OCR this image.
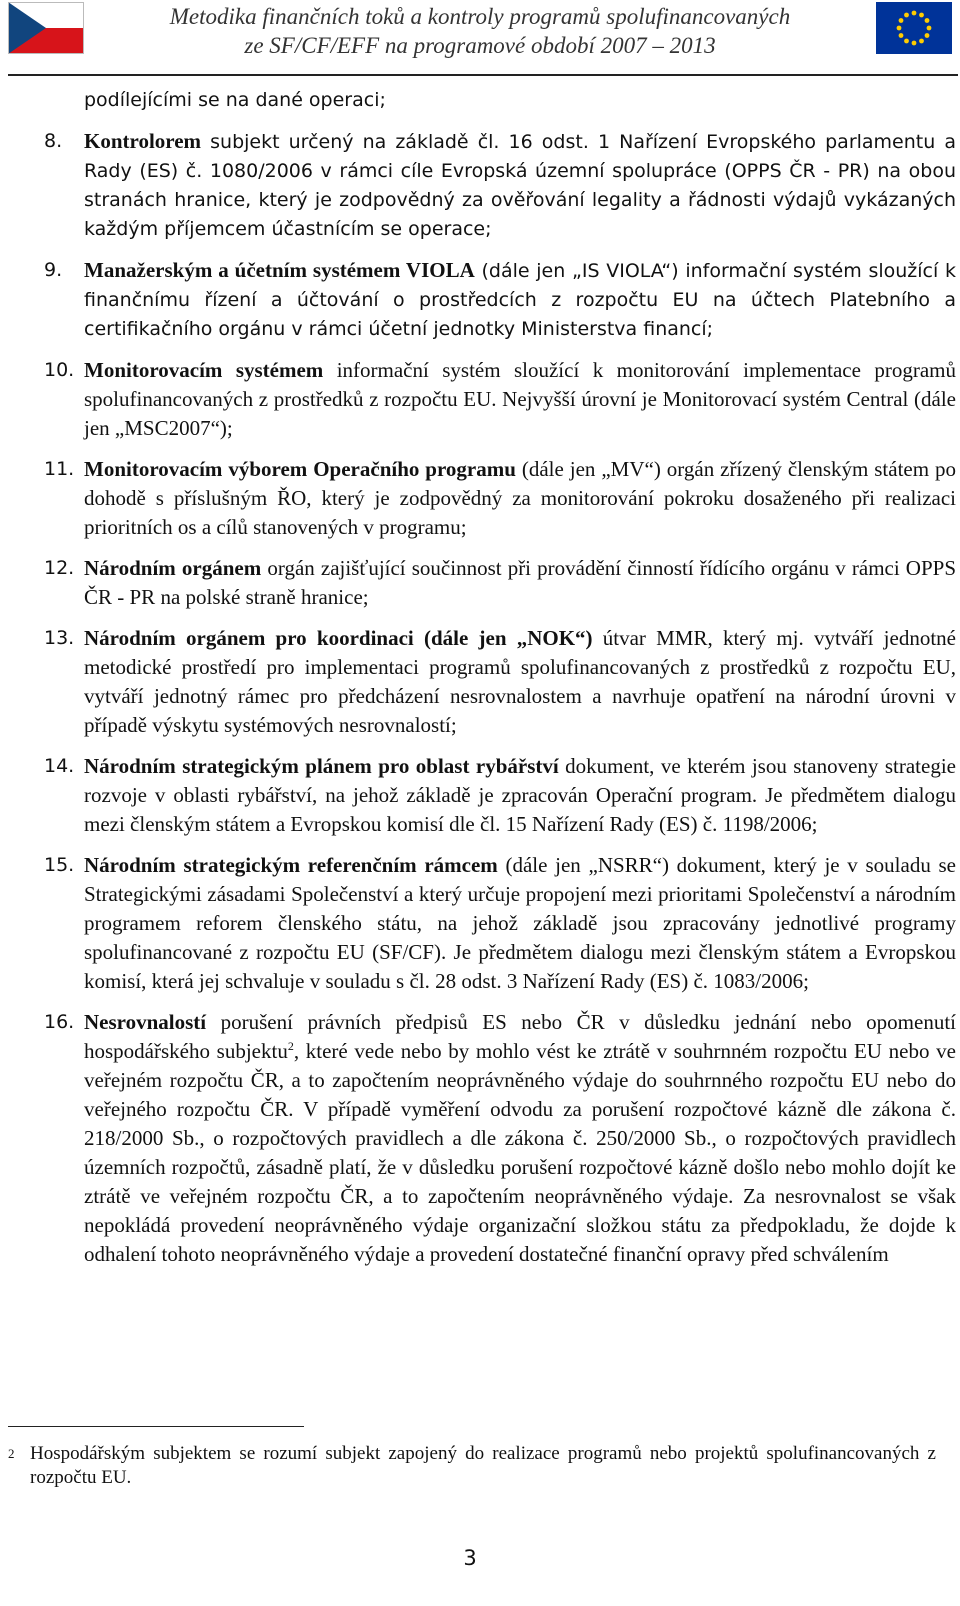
Metodika finančních toků a kontroly programů spolufinancovaných
ze SF/CF/EFF na programové období 2007 – 2013
podílejícími se na dané operaci;
8.	Kontrolorem subjekt určený na základě čl. 16 odst. 1 Nařízení Evropského parlamentu a Rady (ES) č. 1080/2006 v rámci cíle Evropská územní spolupráce (OPPS ČR - PR) na obou stranách hranice, který je zodpovědný za ověřování legality a řádnosti výdajů vykázaných každým příjemcem účastnícím se operace;
9.	Manažerským a účetním systémem VIOLA (dále jen „IS VIOLA“) informační systém sloužící k finančnímu řízení a účtování o prostředcích z rozpočtu EU na účtech Platebního a certifikačního orgánu v rámci účetní jednotky Ministerstva financí;
10. Monitorovacím systémem informační systém sloužící k monitorování implementace programů spolufinancovaných z prostředků z rozpočtu EU. Nejvyšší úrovní je Monitorovací systém Central (dále jen „MSC2007“);
11. Monitorovacím výborem Operačního programu (dále jen „MV“) orgán zřízený členským státem po dohodě s příslušným ŘO, který je zodpovědný za monitorování pokroku dosaženého při realizaci prioritních os a cílů stanovených v programu;
12. Národním orgánem orgán zajišťující součinnost při provádění činností řídícího orgánu v rámci OPPS ČR - PR na polské straně hranice;
13. Národním orgánem pro koordinaci (dále jen „NOK“) útvar MMR, který mj. vytváří jednotné metodické prostředí pro implementaci programů spolufinancovaných z prostředků z rozpočtu EU, vytváří jednotný rámec pro předcházení nesrovnalostem a navrhuje opatření na národní úrovni v případě výskytu systémových nesrovnalostí;
14. Národním strategickým plánem pro oblast rybářství dokument, ve kterém jsou stanoveny strategie rozvoje v oblasti rybářství, na jehož základě je zpracován Operační program. Je předmětem dialogu mezi členským státem a Evropskou komisí dle čl. 15 Nařízení Rady (ES) č. 1198/2006;
15. Národním strategickým referenčním rámcem (dále jen „NSRR“) dokument, který je v souladu se Strategickými zásadami Společenství a který určuje propojení mezi prioritami Společenství a národním programem reforem členského státu, na jehož základě jsou zpracovány jednotlivé programy spolufinancované z rozpočtu EU (SF/CF). Je předmětem dialogu mezi členským státem a Evropskou komisí, která jej schvaluje v souladu s čl. 28 odst. 3 Nařízení Rady (ES) č. 1083/2006;
16. Nesrovnalostí porušení právních předpisů ES nebo ČR v důsledku jednání nebo opomenutí hospodářského subjektu$^2$, které vede nebo by mohlo vést ke ztrátě v souhrnném rozpočtu EU nebo ve veřejném rozpočtu ČR, a to započtením neoprávněného výdaje do souhrnného rozpočtu EU nebo do veřejného rozpočtu ČR. V případě vyměření odvodu za porušení rozpočtové kázně dle zákona č. 218/2000 Sb., o rozpočtových pravidlech a dle zákona č. 250/2000 Sb., o rozpočtových pravidlech územních rozpočtů, zásadně platí, že v důsledku porušení rozpočtové kázně došlo nebo mohlo dojít ke ztrátě ve veřejném rozpočtu ČR, a to započtením neoprávněného výdaje. Za nesrovnalost se však nepokládá provedení neoprávněného výdaje organizační složkou státu za předpokladu, že dojde k odhalení tohoto neoprávněného výdaje a provedení dostatečné finanční opravy před schválením
2 Hospodářským subjektem se rozumí subjekt zapojený do realizace programů nebo projektů spolufinancovaných z rozpočtu EU.
3
